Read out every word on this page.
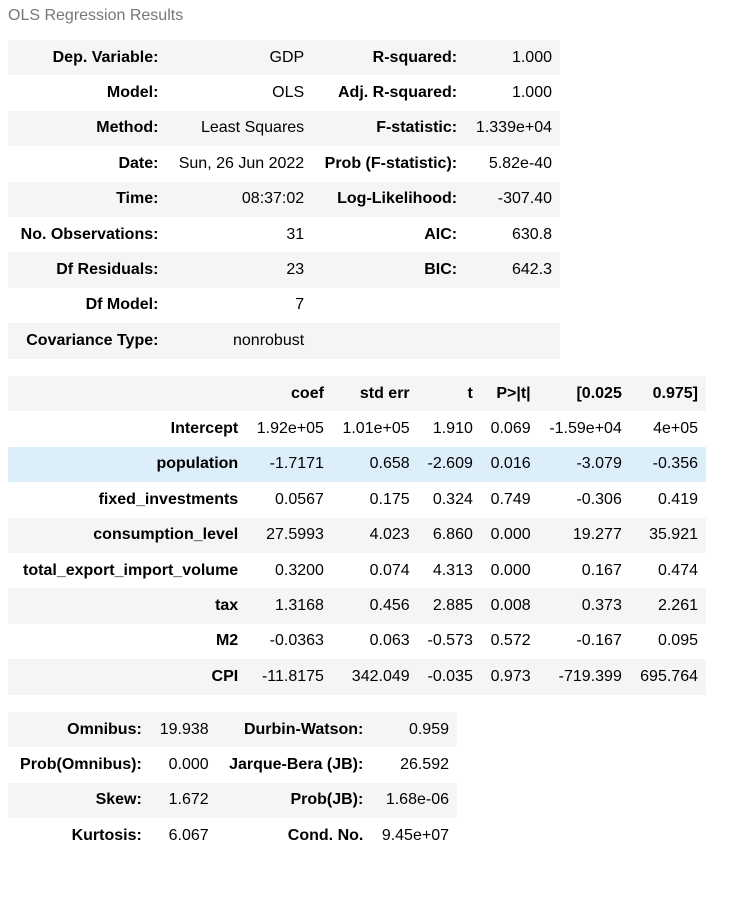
OLS Regression Results
Dep. Variable:	GDP	R-squared:	1.000
Model:	OLS	Adj. R-squared:	1.000
Method:	Least Squares	F-statistic:	1.339e+04
Date:	Sun, 26 Jun 2022	Prob (F-statistic):	5.82e-40
Time:	08:37:02	Log-Likelihood:	-307.40
No. Observations:	31	AIC:	630.8
Df Residuals:	23	BIC:	642.3
Df Model:	7		
Covariance Type:	nonrobust		
	coef	std err	t	P>|t|	[0.025	0.975]
Intercept	1.92e+05	1.01e+05	1.910	0.069	-1.59e+04	4e+05
population	-1.7171	0.658	-2.609	0.016	-3.079	-0.356
fixed_investments	0.0567	0.175	0.324	0.749	-0.306	0.419
consumption_level	27.5993	4.023	6.860	0.000	19.277	35.921
total_export_import_volume	0.3200	0.074	4.313	0.000	0.167	0.474
tax	1.3168	0.456	2.885	0.008	0.373	2.261
M2	-0.0363	0.063	-0.573	0.572	-0.167	0.095
CPI	-11.8175	342.049	-0.035	0.973	-719.399	695.764
Omnibus:	19.938	Durbin-Watson:	0.959
Prob(Omnibus):	0.000	Jarque-Bera (JB):	26.592
Skew:	1.672	Prob(JB):	1.68e-06
Kurtosis:	6.067	Cond. No.	9.45e+07
